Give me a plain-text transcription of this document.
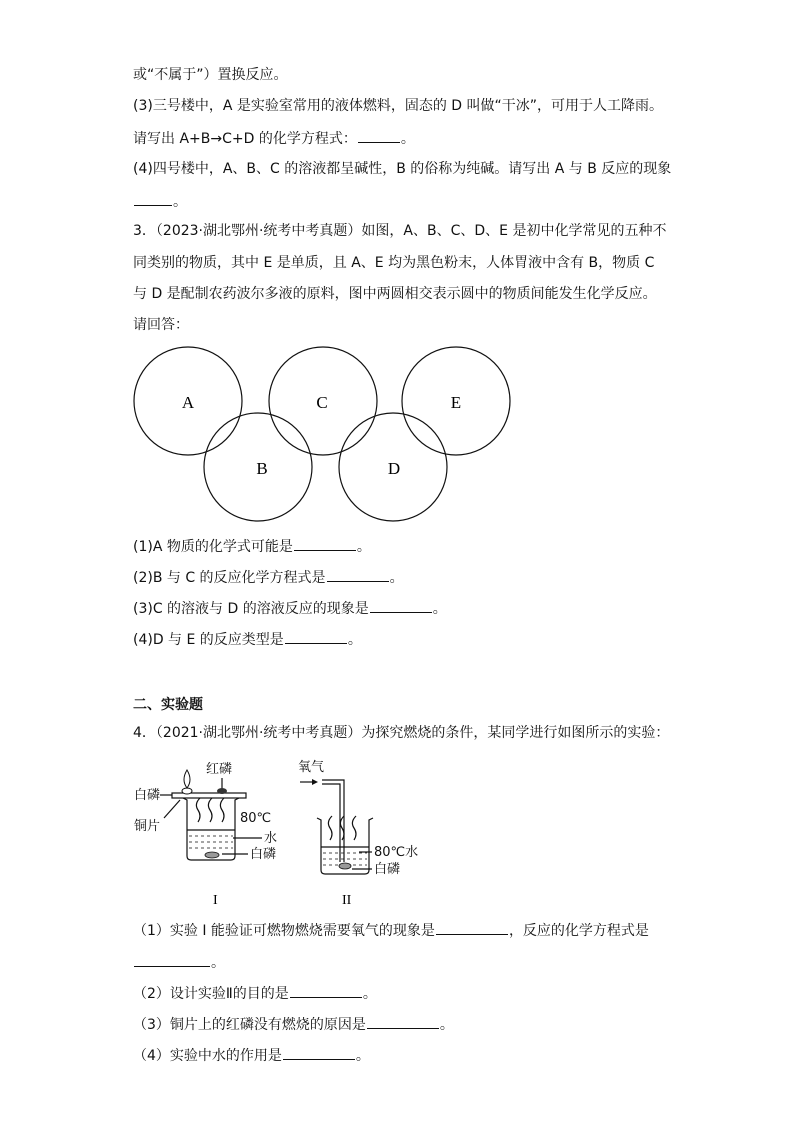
或“不属于”）置换反应。
(3)三号楼中，A 是实验室常用的液体燃料，固态的 D 叫做“干冰”，可用于人工降雨。
请写出 A+B→C+D 的化学方程式：	。
(4)四号楼中，A、B、C 的溶液都呈碱性，B 的俗称为纯碱。请写出 A 与 B 反应的现象
。
3．（2023·湖北鄂州·统考中考真题）如图，A、B、C、D、E 是初中化学常见的五种不
同类别的物质，其中 E 是单质，且 A、E 均为黑色粉末，人体胃液中含有 B，物质 C
与 D 是配制农药波尔多液的原料，图中两圆相交表示圆中的物质间能发生化学反应。
请回答：
A
B
C
D
E
(1)A 物质的化学式可能是	。
(2)B 与 C 的反应化学方程式是	。
(3)C 的溶液与 D 的溶液反应的现象是	。
(4)D 与 E 的反应类型是	。
二、实验题
4．（2021·湖北鄂州·统考中考真题）为探究燃烧的条件，某同学进行如图所示的实验：
红磷
白磷
铜片
80℃
水
白磷
氧气
80℃水
白磷
I	II
（1）实验 I 能验证可燃物燃烧需要氧气的现象是	，反应的化学方程式是
。
（2）设计实验Ⅱ的目的是	。
（3）铜片上的红磷没有燃烧的原因是	。
（4）实验中水的作用是	。
